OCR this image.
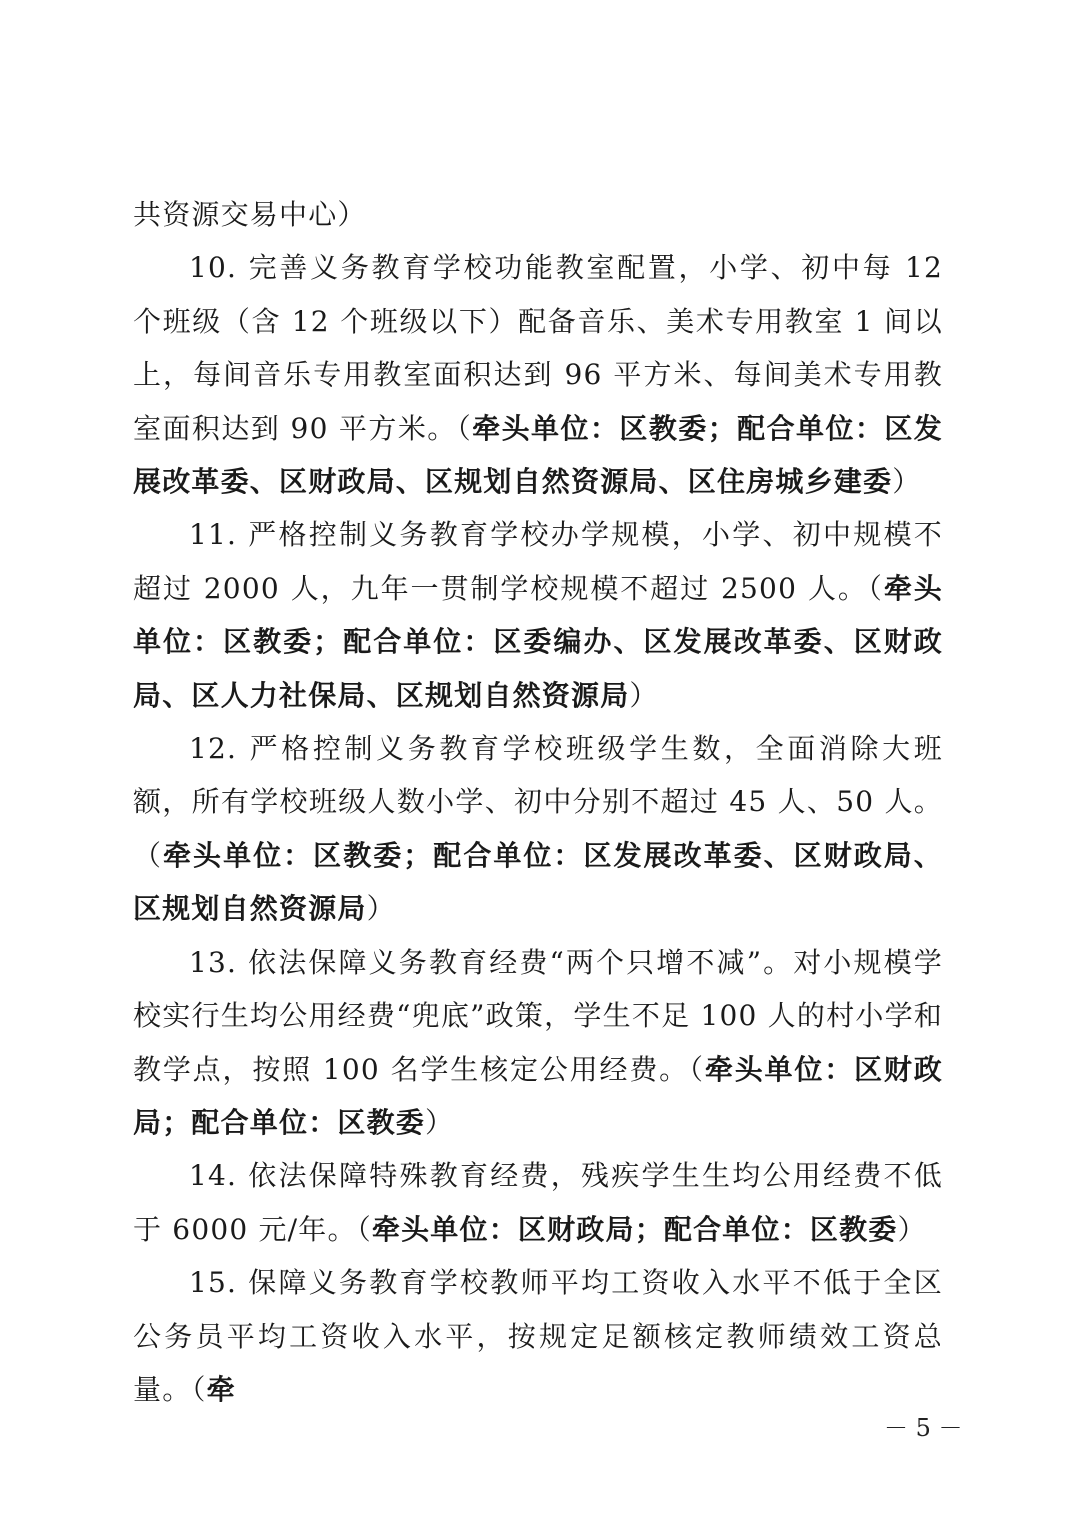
共资源交易中心）

10. 完善义务教育学校功能教室配置，小学、初中每 12 个班级（含 12 个班级以下）配备音乐、美术专用教室 1 间以上，每间音乐专用教室面积达到 96 平方米、每间美术专用教室面积达到 90 平方米。（牵头单位：区教委；配合单位：区发展改革委、区财政局、区规划自然资源局、区住房城乡建委）

11. 严格控制义务教育学校办学规模，小学、初中规模不超过 2000 人，九年一贯制学校规模不超过 2500 人。（牵头单位：区教委；配合单位：区委编办、区发展改革委、区财政局、区人力社保局、区规划自然资源局）

12. 严格控制义务教育学校班级学生数，全面消除大班额，所有学校班级人数小学、初中分别不超过 45 人、50 人。（牵头单位：区教委；配合单位：区发展改革委、区财政局、区规划自然资源局）

13. 依法保障义务教育经费“两个只增不减”。对小规模学校实行生均公用经费“兜底”政策，学生不足 100 人的村小学和教学点，按照 100 名学生核定公用经费。（牵头单位：区财政局；配合单位：区教委）

14. 依法保障特殊教育经费，残疾学生生均公用经费不低于 6000 元/年。（牵头单位：区财政局；配合单位：区教委）

15. 保障义务教育学校教师平均工资收入水平不低于全区公务员平均工资收入水平，按规定足额核定教师绩效工资总量。（牵

－ 5 －
